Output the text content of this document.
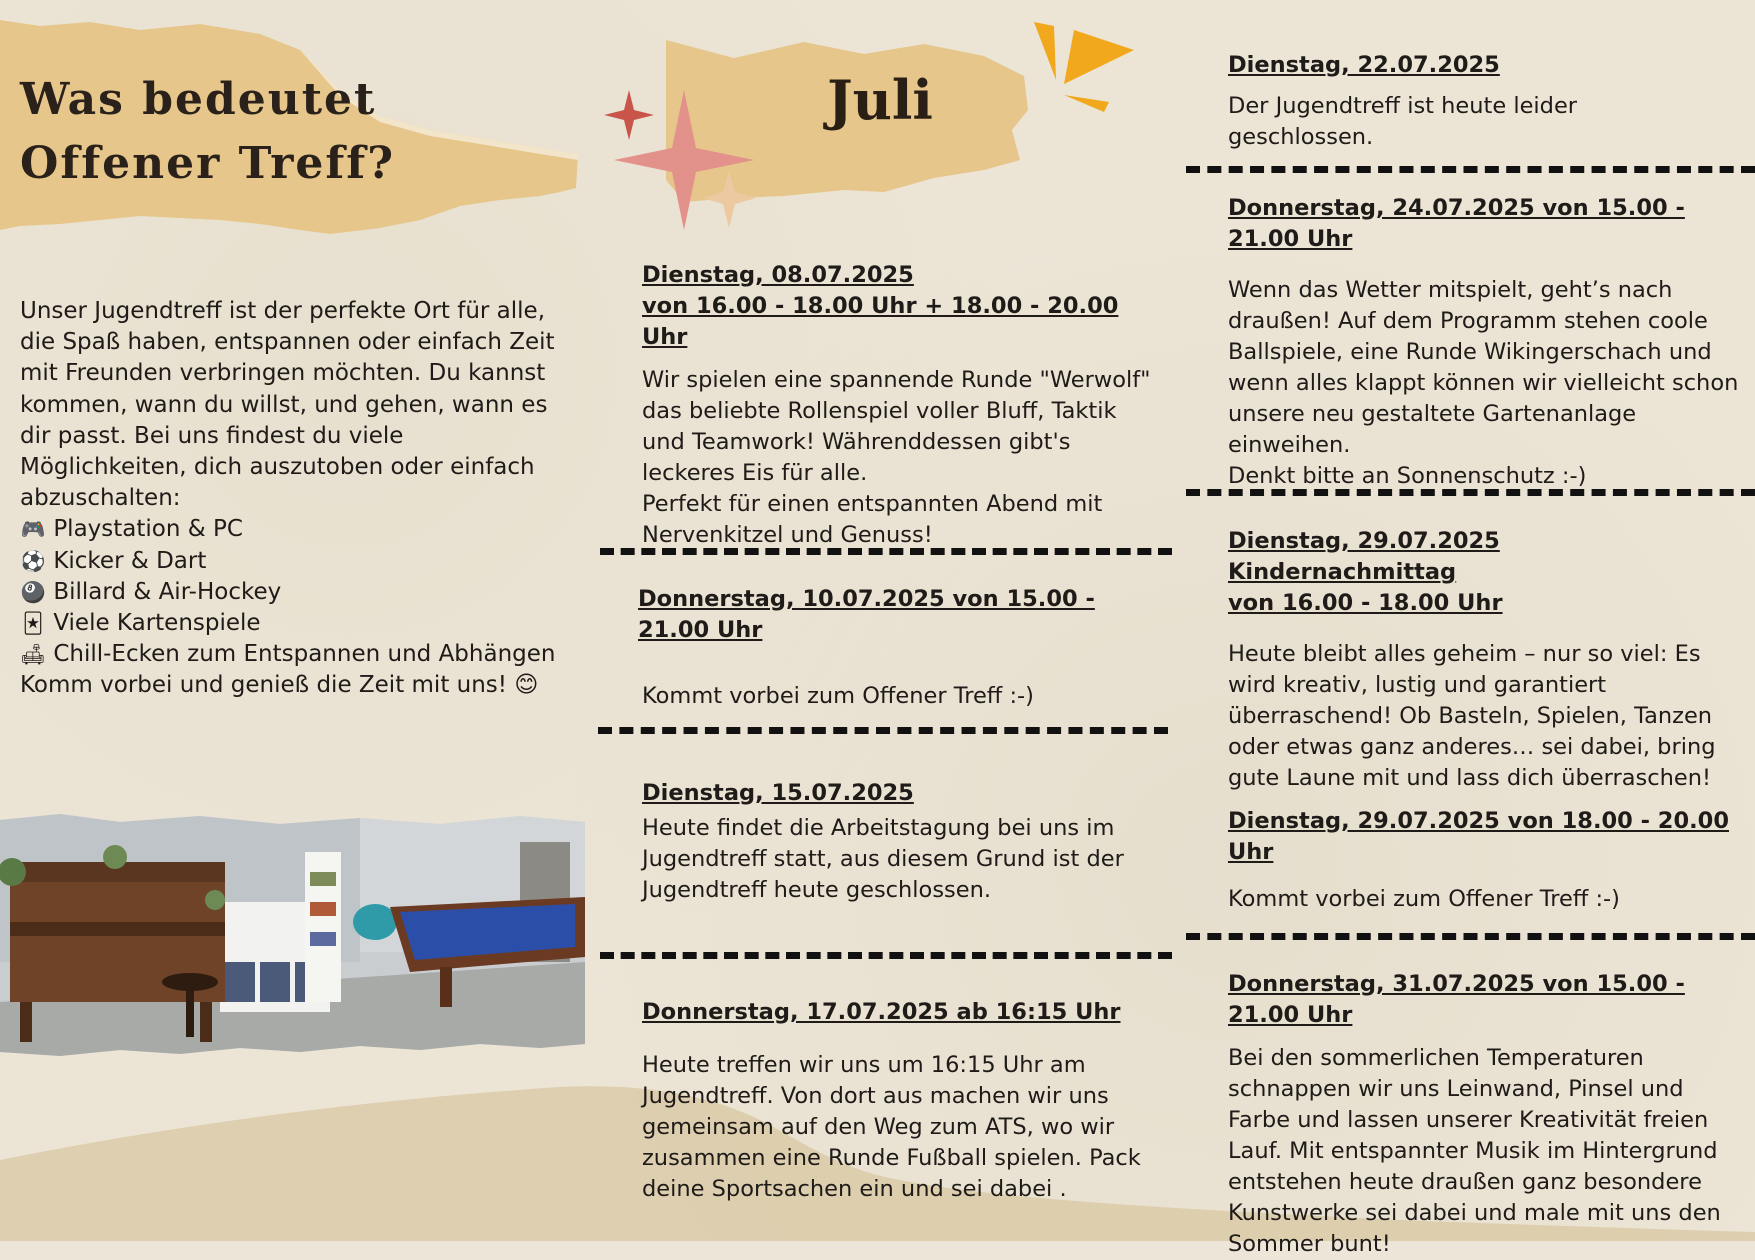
Was bedeutet
Offener Treff?

Unser Jugendtreff ist der perfekte Ort für alle, die Spaß haben, entspannen oder einfach Zeit mit Freunden verbringen möchten. Du kannst kommen, wann du willst, und gehen, wann es dir passt. Bei uns findest du viele Möglichkeiten, dich auszutoben oder einfach abzuschalten:

🎮 Playstation & PC
⚽ Kicker & Dart
🎱 Billard & Air-Hockey
🃏 Viele Kartenspiele
🛋 Chill-Ecken zum Entspannen und Abhängen

Komm vorbei und genieß die Zeit mit uns! 😊

Juli

Dienstag, 08.07.2025
von 16.00 - 18.00 Uhr + 18.00 - 20.00 Uhr

Wir spielen eine spannende Runde "Werwolf" das beliebte Rollenspiel voller Bluff, Taktik und Teamwork! Währenddessen gibt's leckeres Eis für alle.

Perfekt für einen entspannten Abend mit Nervenkitzel und Genuss!

Donnerstag, 10.07.2025 von 15.00 - 21.00 Uhr

Kommt vorbei zum Offener Treff :-)

Dienstag, 15.07.2025

Heute findet die Arbeitstagung bei uns im Jugendtreff statt, aus diesem Grund ist der Jugendtreff heute geschlossen.

Donnerstag, 17.07.2025 ab 16:15 Uhr

Heute treffen wir uns um 16:15 Uhr am Jugendtreff. Von dort aus machen wir uns gemeinsam auf den Weg zum ATS, wo wir zusammen eine Runde Fußball spielen. Pack deine Sportsachen ein und sei dabei .

Dienstag, 22.07.2025

Der Jugendtreff ist heute leider geschlossen.

Donnerstag, 24.07.2025 von 15.00 - 21.00 Uhr

Wenn das Wetter mitspielt, geht’s nach draußen! Auf dem Programm stehen coole Ballspiele, eine Runde Wikingerschach und wenn alles klappt können wir vielleicht schon unsere neu gestaltete Gartenanlage einweihen.

Denkt bitte an Sonnenschutz :-)

Dienstag, 29.07.2025 Kindernachmittag
von 16.00 - 18.00 Uhr

Heute bleibt alles geheim – nur so viel: Es wird kreativ, lustig und garantiert überraschend! Ob Basteln, Spielen, Tanzen oder etwas ganz anderes… sei dabei, bring gute Laune mit und lass dich überraschen!

Dienstag, 29.07.2025 von 18.00 - 20.00 Uhr

Kommt vorbei zum Offener Treff :-)

Donnerstag, 31.07.2025 von 15.00 - 21.00 Uhr

Bei den sommerlichen Temperaturen schnappen wir uns Leinwand, Pinsel und Farbe und lassen unserer Kreativität freien Lauf. Mit entspannter Musik im Hintergrund entstehen heute draußen ganz besondere Kunstwerke sei dabei und male mit uns den Sommer bunt!
